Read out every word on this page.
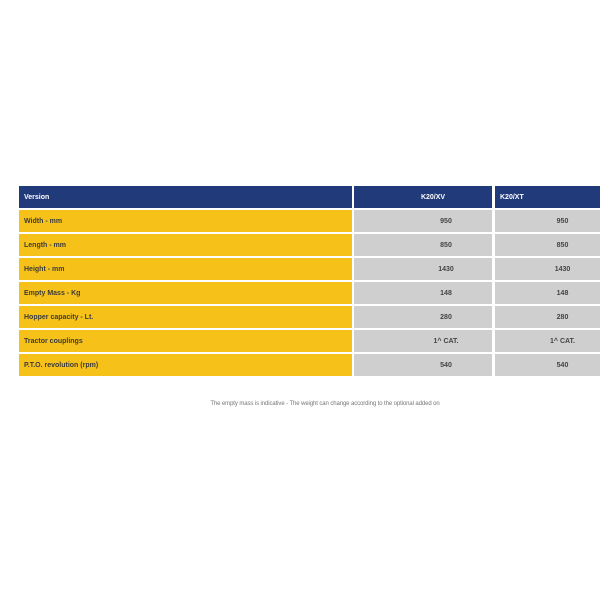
Version	K20/XV	K20/XT
Width - mm	950	950
Length - mm	850	850
Height - mm	1430	1430
Empty Mass - Kg	148	148
Hopper capacity - Lt.	280	280
Tractor couplings	1^ CAT.	1^ CAT.
P.T.O. revolution (rpm)	540	540
The empty mass is indicative - The weight can change according to the optional added on
